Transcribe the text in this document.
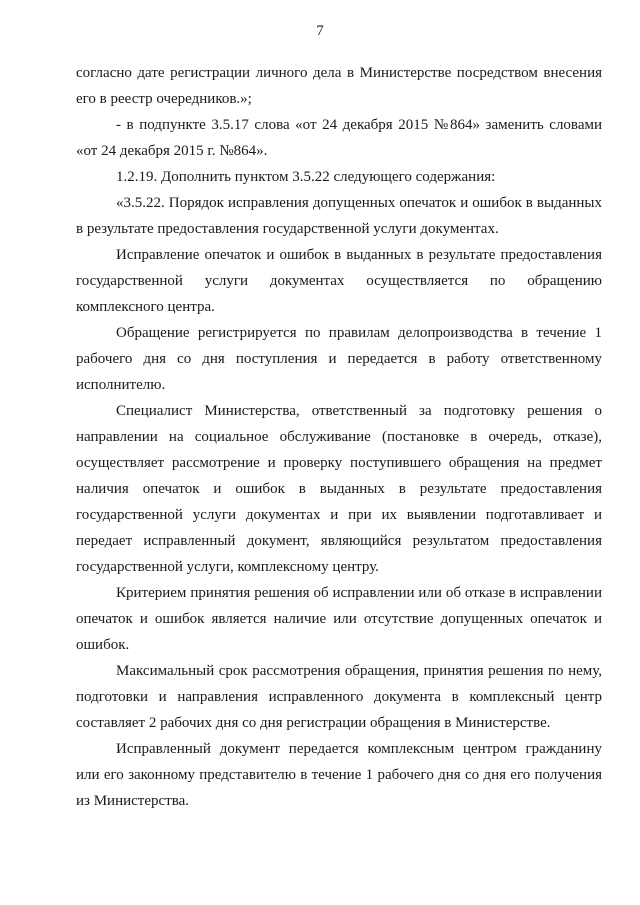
7

согласно дате регистрации личного дела в Министерстве посредством внесения его в реестр очередников.»;

- в подпункте 3.5.17 слова «от 24 декабря 2015 №864» заменить словами «от 24 декабря 2015 г. №864».

1.2.19. Дополнить пунктом 3.5.22 следующего содержания:

«3.5.22. Порядок исправления допущенных опечаток и ошибок в выданных в результате предоставления государственной услуги документах.

Исправление опечаток и ошибок в выданных в результате предоставления государственной услуги документах осуществляется по обращению комплексного центра.

Обращение регистрируется по правилам делопроизводства в течение 1 рабочего дня со дня поступления и передается в работу ответственному исполнителю.

Специалист Министерства, ответственный за подготовку решения о направлении на социальное обслуживание (постановке в очередь, отказе), осуществляет рассмотрение и проверку поступившего обращения на предмет наличия опечаток и ошибок в выданных в результате предоставления государственной услуги документах и при их выявлении подготавливает и передает исправленный документ, являющийся результатом предоставления государственной услуги, комплексному центру.

Критерием принятия решения об исправлении или об отказе в исправлении опечаток и ошибок является наличие или отсутствие допущенных опечаток и ошибок.

Максимальный срок рассмотрения обращения, принятия решения по нему, подготовки и направления исправленного документа в комплексный центр составляет 2 рабочих дня со дня регистрации обращения в Министерстве.

Исправленный документ передается комплексным центром гражданину или его законному представителю в течение 1 рабочего дня со дня его получения из Министерства.
